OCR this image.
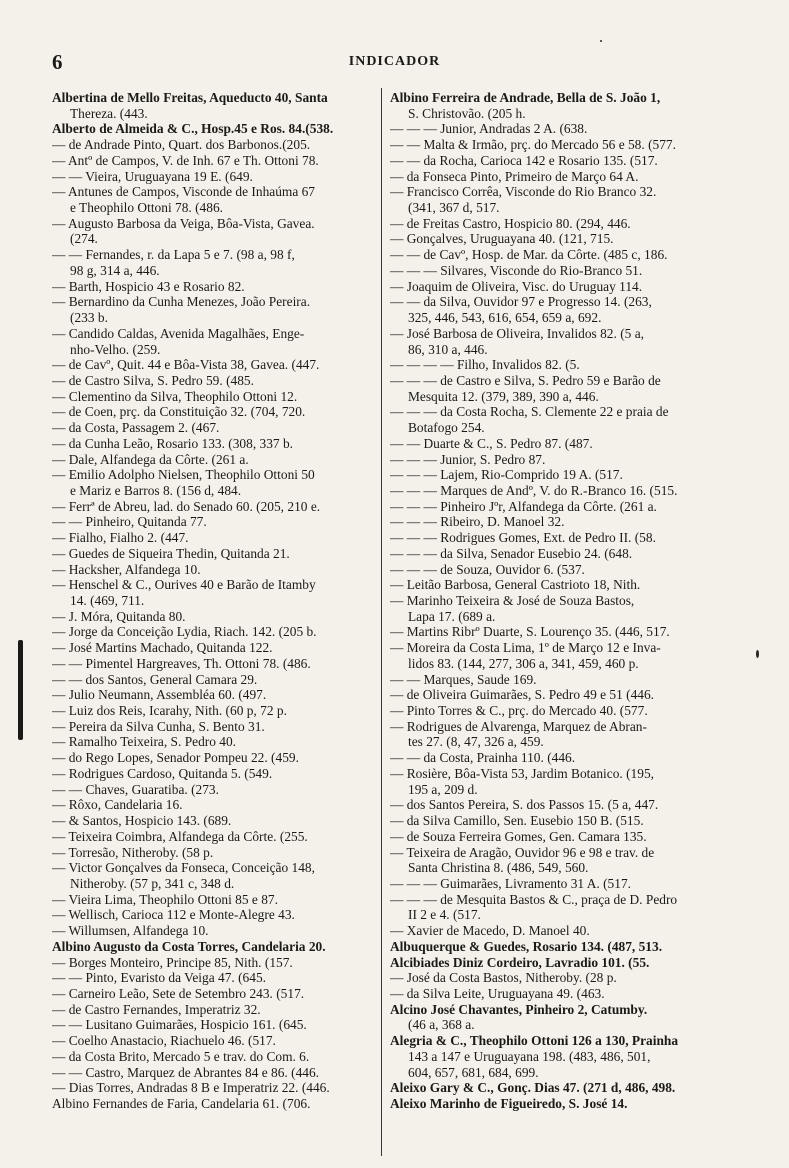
6	INDICADOR
Albertina de Mello Freitas, Aqueducto 40, Santa
Thereza. (443.
Alberto de Almeida & C., Hosp.45 e Ros. 84.(538.
— de Andrade Pinto, Quart. dos Barbonos.(205.
— Antº de Campos, V. de Inh. 67 e Th. Ottoni 78.
— — Vieira, Uruguayana 19 E. (649.
— Antunes de Campos, Visconde de Inhaúma 67
e Theophilo Ottoni 78. (486.
— Augusto Barbosa da Veiga, Bôa-Vista, Gavea.
(274.
— — Fernandes, r. da Lapa 5 e 7. (98 a, 98 f,
98 g, 314 a, 446.
— Barth, Hospicio 43 e Rosario 82.
— Bernardino da Cunha Menezes, João Pereira.
(233 b.
— Candido Caldas, Avenida Magalhães, Enge-
nho-Velho. (259.
— de Cavº, Quit. 44 e Bôa-Vista 38, Gavea. (447.
— de Castro Silva, S. Pedro 59. (485.
— Clementino da Silva, Theophilo Ottoni 12.
— de Coen, prç. da Constituição 32. (704, 720.
— da Costa, Passagem 2. (467.
— da Cunha Leão, Rosario 133. (308, 337 b.
— Dale, Alfandega da Côrte. (261 a.
— Emilio Adolpho Nielsen, Theophilo Ottoni 50
e Mariz e Barros 8. (156 d, 484.
— Ferrª de Abreu, lad. do Senado 60. (205, 210 e.
— — Pinheiro, Quitanda 77.
— Fialho, Fialho 2. (447.
— Guedes de Siqueira Thedin, Quitanda 21.
— Hacksher, Alfandega 10.
— Henschel & C., Ourives 40 e Barão de Itamby
14. (469, 711.
— J. Móra, Quitanda 80.
— Jorge da Conceição Lydia, Riach. 142. (205 b.
— José Martins Machado, Quitanda 122.
— — Pimentel Hargreaves, Th. Ottoni 78. (486.
— — dos Santos, General Camara 29.
— Julio Neumann, Assembléa 60. (497.
— Luiz dos Reis, Icarahy, Nith. (60 p, 72 p.
— Pereira da Silva Cunha, S. Bento 31.
— Ramalho Teixeira, S. Pedro 40.
— do Rego Lopes, Senador Pompeu 22. (459.
— Rodrigues Cardoso, Quitanda 5. (549.
— — Chaves, Guaratiba. (273.
— Rôxo, Candelaria 16.
— & Santos, Hospicio 143. (689.
— Teixeira Coimbra, Alfandega da Côrte. (255.
— Torresão, Nitheroby. (58 p.
— Victor Gonçalves da Fonseca, Conceição 148,
Nitheroby. (57 p, 341 c, 348 d.
— Vieira Lima, Theophilo Ottoni 85 e 87.
— Wellisch, Carioca 112 e Monte-Alegre 43.
— Willumsen, Alfandega 10.
Albino Augusto da Costa Torres, Candelaria 20.
— Borges Monteiro, Principe 85, Nith. (157.
— — Pinto, Evaristo da Veiga 47. (645.
— Carneiro Leão, Sete de Setembro 243. (517.
— de Castro Fernandes, Imperatriz 32.
— — Lusitano Guimarães, Hospicio 161. (645.
— Coelho Anastacio, Riachuelo 46. (517.
— da Costa Brito, Mercado 5 e trav. do Com. 6.
— — Castro, Marquez de Abrantes 84 e 86. (446.
— Dias Torres, Andradas 8 B e Imperatriz 22. (446.
Albino Fernandes de Faria, Candelaria 61. (706.
Albino Ferreira de Andrade, Bella de S. João 1,
S. Christovão. (205 h.
— — — Junior, Andradas 2 A. (638.
— — Malta & Irmão, prç. do Mercado 56 e 58. (577.
— — da Rocha, Carioca 142 e Rosario 135. (517.
— da Fonseca Pinto, Primeiro de Março 64 A.
— Francisco Corrêa, Visconde do Rio Branco 32.
(341, 367 d, 517.
— de Freitas Castro, Hospicio 80. (294, 446.
— Gonçalves, Uruguayana 40. (121, 715.
— — de Cavº, Hosp. de Mar. da Côrte. (485 c, 186.
— — — Silvares, Visconde do Rio-Branco 51.
— Joaquim de Oliveira, Visc. do Uruguay 114.
— — da Silva, Ouvidor 97 e Progresso 14. (263,
325, 446, 543, 616, 654, 659 a, 692.
— José Barbosa de Oliveira, Invalidos 82. (5 a,
86, 310 a, 446.
— — — — Filho, Invalidos 82. (5.
— — — de Castro e Silva, S. Pedro 59 e Barão de
Mesquita 12. (379, 389, 390 a, 446.
— — — da Costa Rocha, S. Clemente 22 e praia de
Botafogo 254.
— — Duarte & C., S. Pedro 87. (487.
— — — Junior, S. Pedro 87.
— — — Lajem, Rio-Comprido 19 A. (517.
— — — Marques de Andº, V. do R.-Branco 16. (515.
— — — Pinheiro Jºr, Alfandega da Côrte. (261 a.
— — — Ribeiro, D. Manoel 32.
— — — Rodrigues Gomes, Ext. de Pedro II. (58.
— — — da Silva, Senador Eusebio 24. (648.
— — — de Souza, Ouvidor 6. (537.
— Leitão Barbosa, General Castrioto 18, Nith.
— Marinho Teixeira & José de Souza Bastos,
Lapa 17. (689 a.
— Martins Ribrº Duarte, S. Lourenço 35. (446, 517.
— Moreira da Costa Lima, 1º de Março 12 e Inva-
lidos 83. (144, 277, 306 a, 341, 459, 460 p.
— — Marques, Saude 169.
— de Oliveira Guimarães, S. Pedro 49 e 51 (446.
— Pinto Torres & C., prç. do Mercado 40. (577.
— Rodrigues de Alvarenga, Marquez de Abran-
tes 27. (8, 47, 326 a, 459.
— — da Costa, Prainha 110. (446.
— Rosière, Bôa-Vista 53, Jardim Botanico. (195,
195 a, 209 d.
— dos Santos Pereira, S. dos Passos 15. (5 a, 447.
— da Silva Camillo, Sen. Eusebio 150 B. (515.
— de Souza Ferreira Gomes, Gen. Camara 135.
— Teixeira de Aragão, Ouvidor 96 e 98 e trav. de
Santa Christina 8. (486, 549, 560.
— — — Guimarães, Livramento 31 A. (517.
— — — de Mesquita Bastos & C., praça de D. Pedro
II 2 e 4. (517.
— Xavier de Macedo, D. Manoel 40.
Albuquerque & Guedes, Rosario 134. (487, 513.
Alcibiades Diniz Cordeiro, Lavradio 101. (55.
— José da Costa Bastos, Nitheroby. (28 p.
— da Silva Leite, Uruguayana 49. (463.
Alcino José Chavantes, Pinheiro 2, Catumby.
(46 a, 368 a.
Alegria & C., Theophilo Ottoni 126 a 130, Prainha
143 a 147 e Uruguayana 198. (483, 486, 501,
604, 657, 681, 684, 699.
Aleixo Gary & C., Gonç. Dias 47. (271 d, 486, 498.
Aleixo Marinho de Figueiredo, S. José 14.
